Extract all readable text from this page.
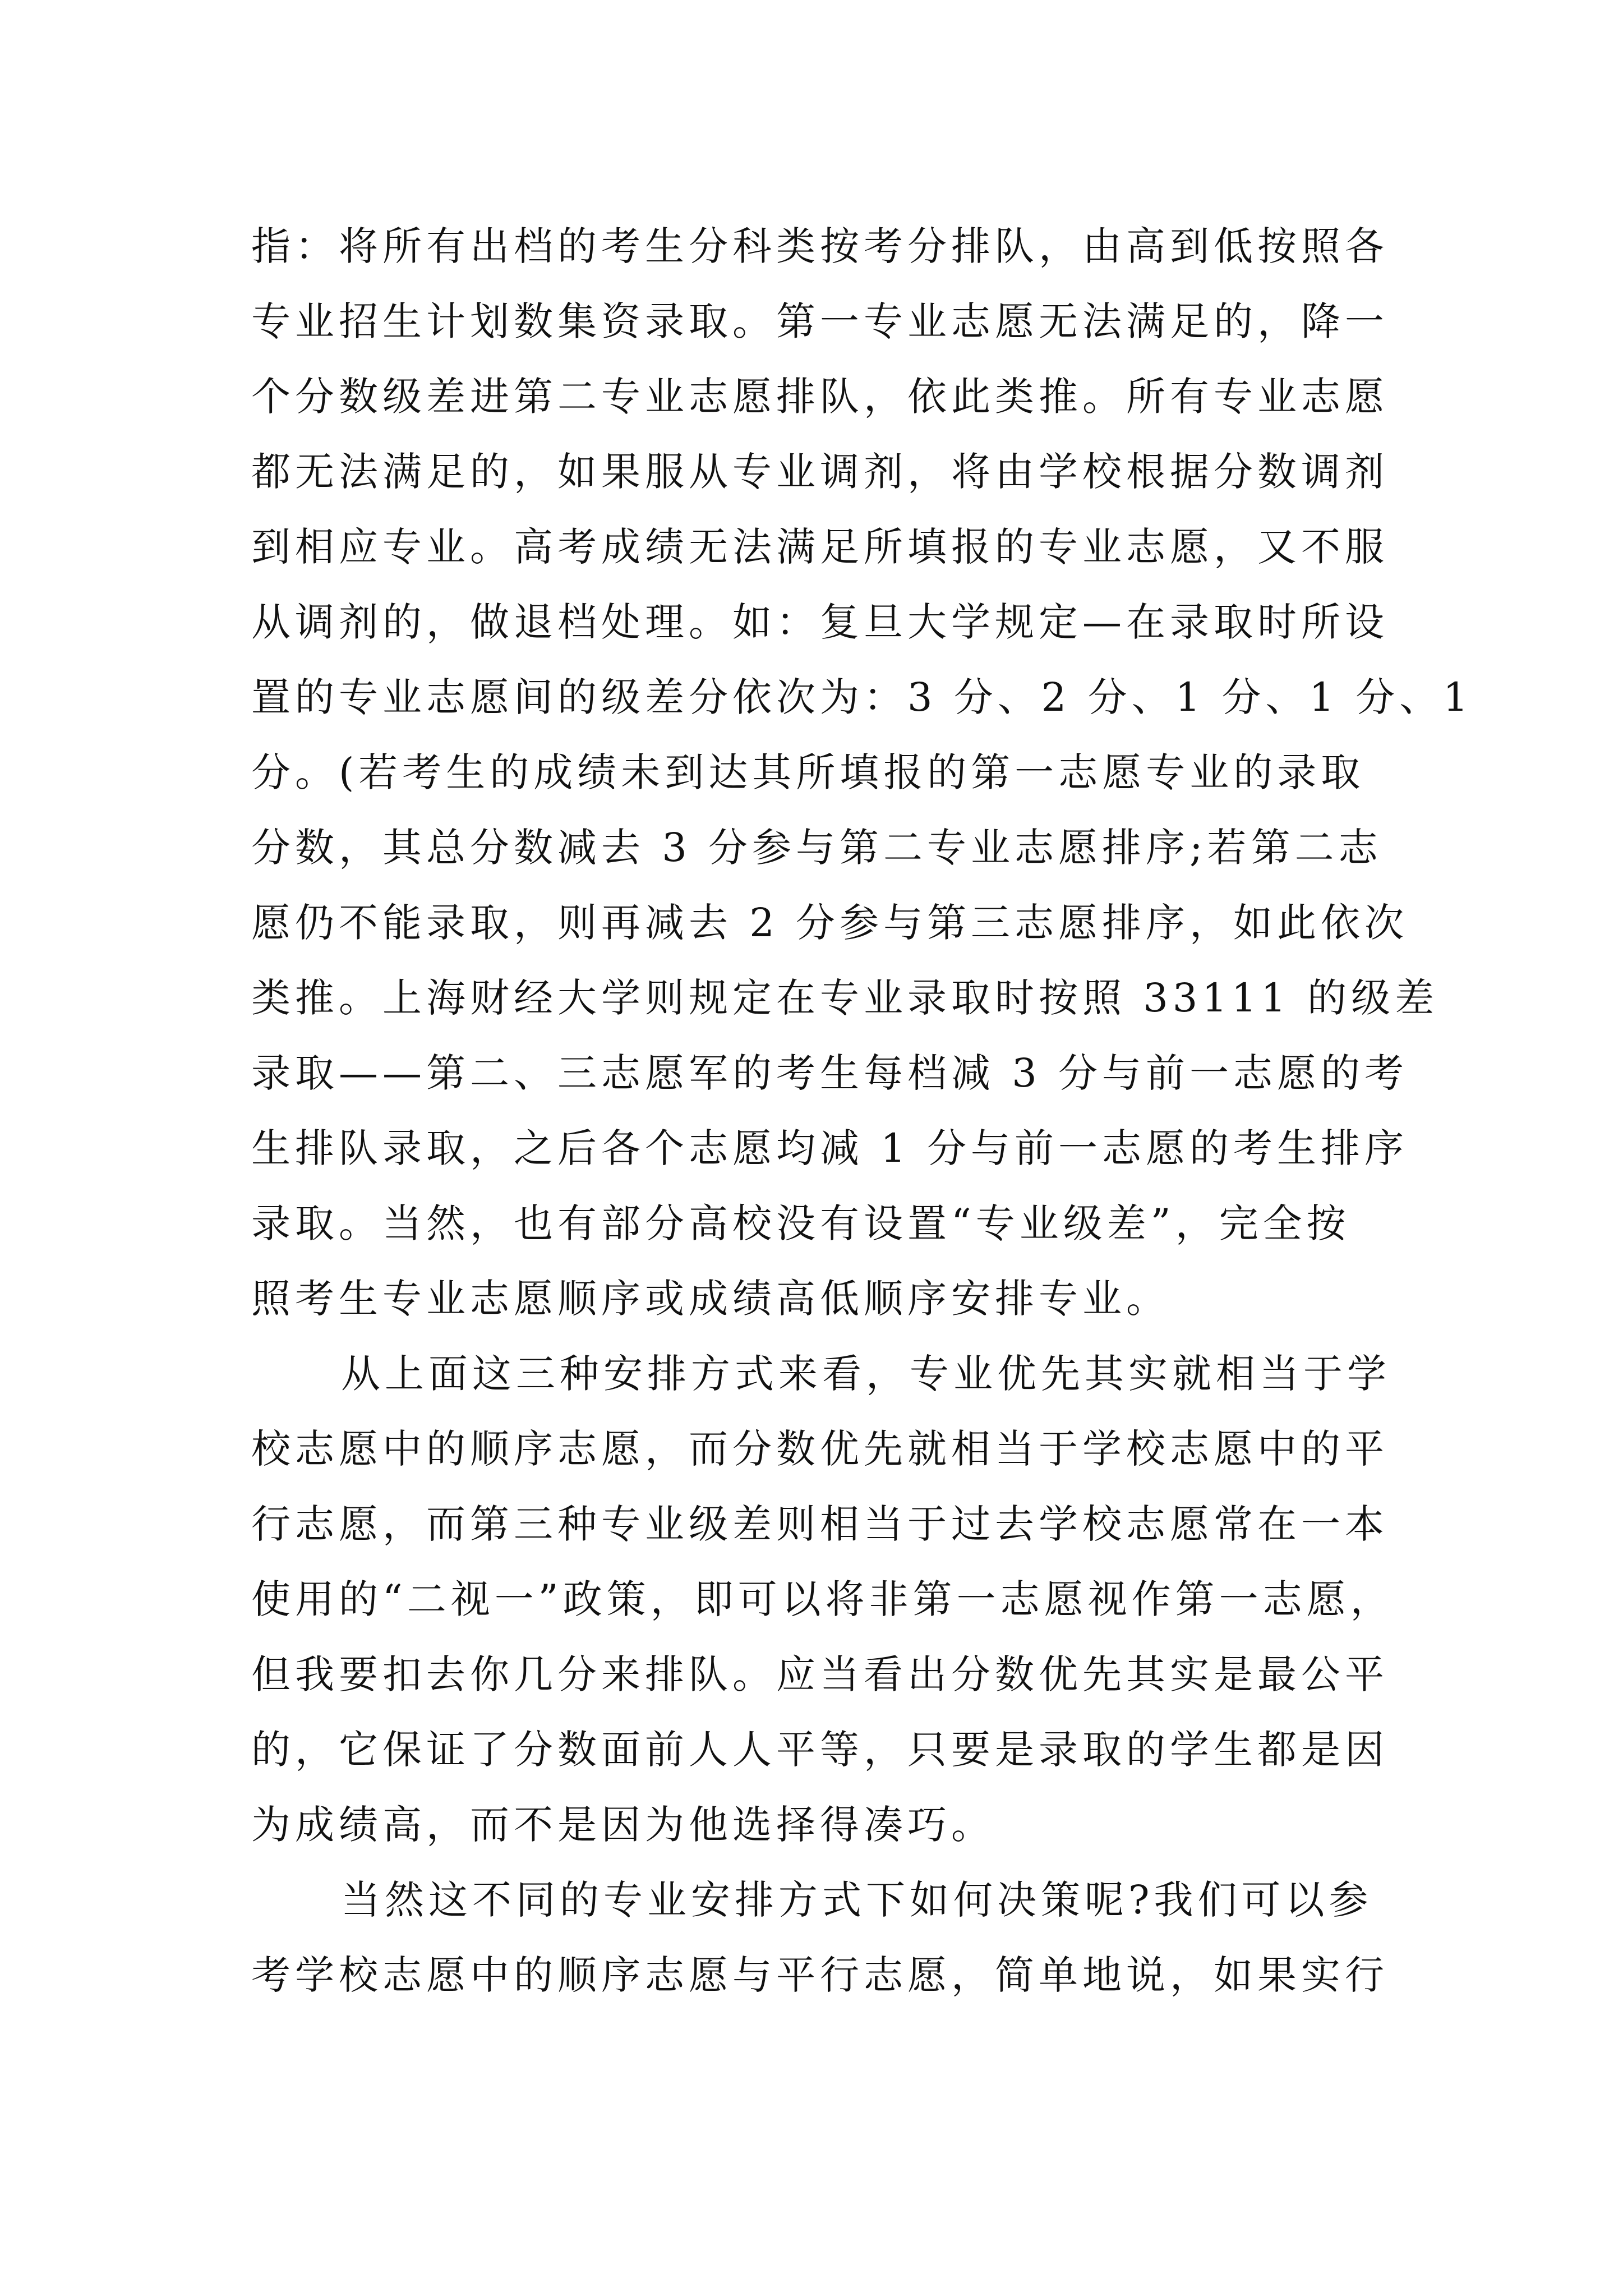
指：将所有出档的考生分科类按考分排队，由高到低按照各
专业招生计划数集资录取。第一专业志愿无法满足的，降一
个分数级差进第二专业志愿排队，依此类推。所有专业志愿
都无法满足的，如果服从专业调剂，将由学校根据分数调剂
到相应专业。高考成绩无法满足所填报的专业志愿，又不服
从调剂的，做退档处理。如：复旦大学规定—在录取时所设
置的专业志愿间的级差分依次为：3 分、2 分、1 分、1 分、1
分。(若考生的成绩未到达其所填报的第一志愿专业的录取
分数，其总分数减去 3 分参与第二专业志愿排序;若第二志
愿仍不能录取，则再减去 2 分参与第三志愿排序，如此依次
类推。上海财经大学则规定在专业录取时按照 33111 的级差
录取——第二、三志愿军的考生每档减 3 分与前一志愿的考
生排队录取，之后各个志愿均减 1 分与前一志愿的考生排序
录取。当然，也有部分高校没有设置“专业级差”，完全按
照考生专业志愿顺序或成绩高低顺序安排专业。
从上面这三种安排方式来看，专业优先其实就相当于学
校志愿中的顺序志愿，而分数优先就相当于学校志愿中的平
行志愿，而第三种专业级差则相当于过去学校志愿常在一本
使用的“二视一”政策，即可以将非第一志愿视作第一志愿，
但我要扣去你几分来排队。应当看出分数优先其实是最公平
的，它保证了分数面前人人平等，只要是录取的学生都是因
为成绩高，而不是因为他选择得凑巧。
当然这不同的专业安排方式下如何决策呢?我们可以参
考学校志愿中的顺序志愿与平行志愿，简单地说，如果实行
